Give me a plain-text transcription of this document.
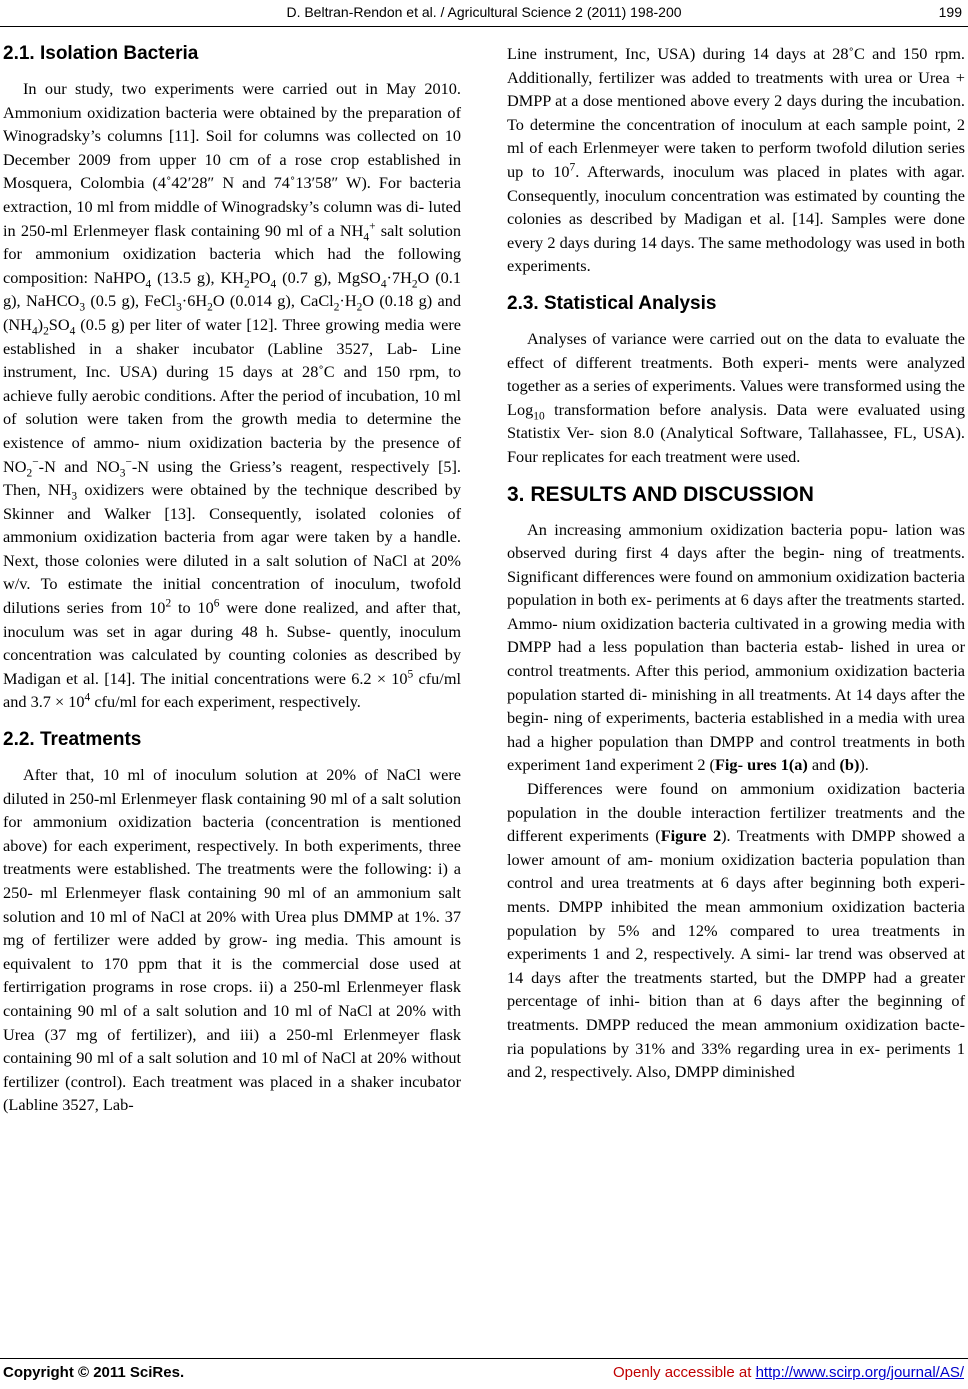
D. Beltran-Rendon et al. / Agricultural Science 2 (2011) 198-200	199
2.1. Isolation Bacteria

In our study, two experiments were carried out in May 2010. Ammonium oxidization bacteria were obtained by the preparation of Winogradsky’s columns [11]. Soil for columns was collected on 10 December 2009 from upper 10 cm of a rose crop established in Mosquera, Colombia (4˚42′28″ N and 74˚13′58″ W). For bacteria extraction, 10 ml from middle of Winogradsky’s column was di- luted in 250-ml Erlenmeyer flask containing 90 ml of a $NH_4^+$ salt solution for ammonium oxidization bacteria which had the following composition: NaHPO$_4$ (13.5 g), $KH_2PO_4$ (0.7 g), $MgSO_4\cdot 7H_2O$ (0.1 g), NaHCO$_3$ (0.5 g), $FeCl_3\cdot 6H_2O$ (0.014 g), $CaCl_2\cdot H_2O$ (0.18 g) and $(NH_4)_2SO_4$ (0.5 g) per liter of water [12]. Three growing media were established in a shaker incubator (Labline 3527, Lab- Line instrument, Inc. USA) during 15 days at 28˚C and 150 rpm, to achieve fully aerobic conditions. After the period of incubation, 10 ml of solution were taken from the growth media to determine the existence of ammo- nium oxidization bacteria by the presence of $NO_2^--N$ and $NO_3^--N$ using the Griess’s reagent, respectively [5]. Then, $NH_3$ oxidizers were obtained by the technique described by Skinner and Walker [13]. Consequently, isolated colonies of ammonium oxidization bacteria from agar were taken by a handle. Next, those colonies were diluted in a salt solution of NaCl at 20% w/v. To estimate the initial concentration of inoculum, twofold dilutions series from $10^2$ to $10^6$ were done realized, and after that, inoculum was set in agar during 48 h. Subse- quently, inoculum concentration was calculated by counting colonies as described by Madigan et al. [14]. The initial concentrations were $6.2 \times 10^5$ cfu/ml and $3.7 \times 10^4$ cfu/ml for each experiment, respectively.

2.2. Treatments

After that, 10 ml of inoculum solution at 20% of NaCl were diluted in 250-ml Erlenmeyer flask containing 90 ml of a salt solution for ammonium oxidization bacteria (concentration is mentioned above) for each experiment, respectively. In both experiments, three treatments were established. The treatments were the following: i) a 250- ml Erlenmeyer flask containing 90 ml of an ammonium salt solution and 10 ml of NaCl at 20% with Urea plus DMMP at 1%. 37 mg of fertilizer were added by grow- ing media. This amount is equivalent to 170 ppm that it is the commercial dose used at fertirrigation programs in rose crops. ii) a 250-ml Erlenmeyer flask containing 90 ml of a salt solution and 10 ml of NaCl at 20% with Urea (37 mg of fertilizer), and iii) a 250-ml Erlenmeyer flask containing 90 ml of a salt solution and 10 ml of NaCl at 20% without fertilizer (control). Each treatment was placed in a shaker incubator (Labline 3527, Lab-

Line instrument, Inc, USA) during 14 days at 28˚C and 150 rpm. Additionally, fertilizer was added to treatments with urea or Urea + DMPP at a dose mentioned above every 2 days during the incubation. To determine the concentration of inoculum at each sample point, 2 ml of each Erlenmeyer were taken to perform twofold dilution series up to $10^7$. Afterwards, inoculum was placed in plates with agar. Consequently, inoculum concentration was estimated by counting the colonies as described by Madigan et al. [14]. Samples were done every 2 days during 14 days. The same methodology was used in both experiments.

2.3. Statistical Analysis

Analyses of variance were carried out on the data to evaluate the effect of different treatments. Both experi- ments were analyzed together as a series of experiments. Values were transformed using the Log$_{10}$ transformation before analysis. Data were evaluated using Statistix Ver- sion 8.0 (Analytical Software, Tallahassee, FL, USA). Four replicates for each treatment were used.

3. RESULTS AND DISCUSSION

An increasing ammonium oxidization bacteria popu- lation was observed during first 4 days after the begin- ning of treatments. Significant differences were found on ammonium oxidization bacteria population in both ex- periments at 6 days after the treatments started. Ammo- nium oxidization bacteria cultivated in a growing media with DMPP had a less population than bacteria estab- lished in urea or control treatments. After this period, ammonium oxidization bacteria population started di- minishing in all treatments. At 14 days after the begin- ning of experiments, bacteria established in a media with urea had a higher population than DMPP and control treatments in both experiment 1and experiment 2 (Fig- ures 1(a) and (b)).

Differences were found on ammonium oxidization bacteria population in the double interaction fertilizer treatments and the different experiments (Figure 2). Treatments with DMPP showed a lower amount of am- monium oxidization bacteria population than control and urea treatments at 6 days after beginning both experi- ments. DMPP inhibited the mean ammonium oxidization bacteria population by 5% and 12% compared to urea treatments in experiments 1 and 2, respectively. A simi- lar trend was observed at 14 days after the treatments started, but the DMPP had a greater percentage of inhi- bition than at 6 days after the beginning of treatments. DMPP reduced the mean ammonium oxidization bacte- ria populations by 31% and 33% regarding urea in ex- periments 1 and 2, respectively. Also, DMPP diminished

Copyright © 2011 SciRes.	Openly accessible at http://www.scirp.org/journal/AS/
